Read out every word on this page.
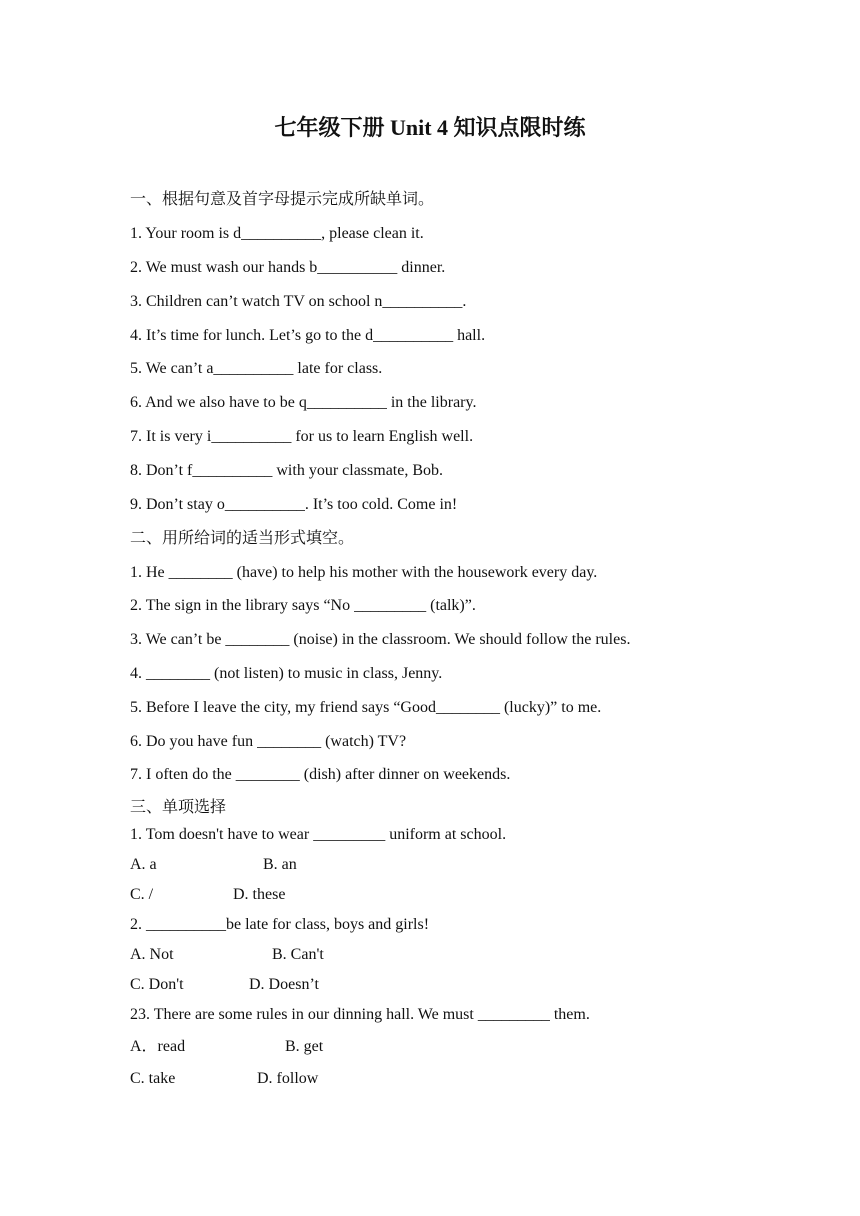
七年级下册 Unit 4 知识点限时练
一、根据句意及首字母提示完成所缺单词。
1. Your room is d__________, please clean it.
2. We must wash our hands b__________ dinner.
3. Children can’t watch TV on school n__________.
4. It’s time for lunch. Let’s go to the d__________ hall.
5. We can’t a__________ late for class.
6. And we also have to be q__________ in the library.
7. It is very i__________ for us to learn English well.
8. Don’t f__________ with your classmate, Bob.
9. Don’t stay o__________. It’s too cold. Come in!
二、用所给词的适当形式填空。
1. He ________ (have) to help his mother with the housework every day.
2. The sign in the library says “No _________ (talk)”.
3. We can’t be ________ (noise) in the classroom. We should follow the rules.
4. ________ (not listen) to music in class, Jenny.
5. Before I leave the city, my friend says “Good________ (lucky)” to me.
6. Do you have fun ________ (watch) TV?
7. I often do the ________ (dish) after dinner on weekends.
三、单项选择
1. Tom doesn't have to wear _________ uniform at school.
A. a	B. an
C. /	D. these
2. __________be late for class, boys and girls!
A. Not	B. Can't
C. Don't	D. Doesn’t
23. There are some rules in our dinning hall. We must _________ them.
A．read	B. get
C. take	D. follow
